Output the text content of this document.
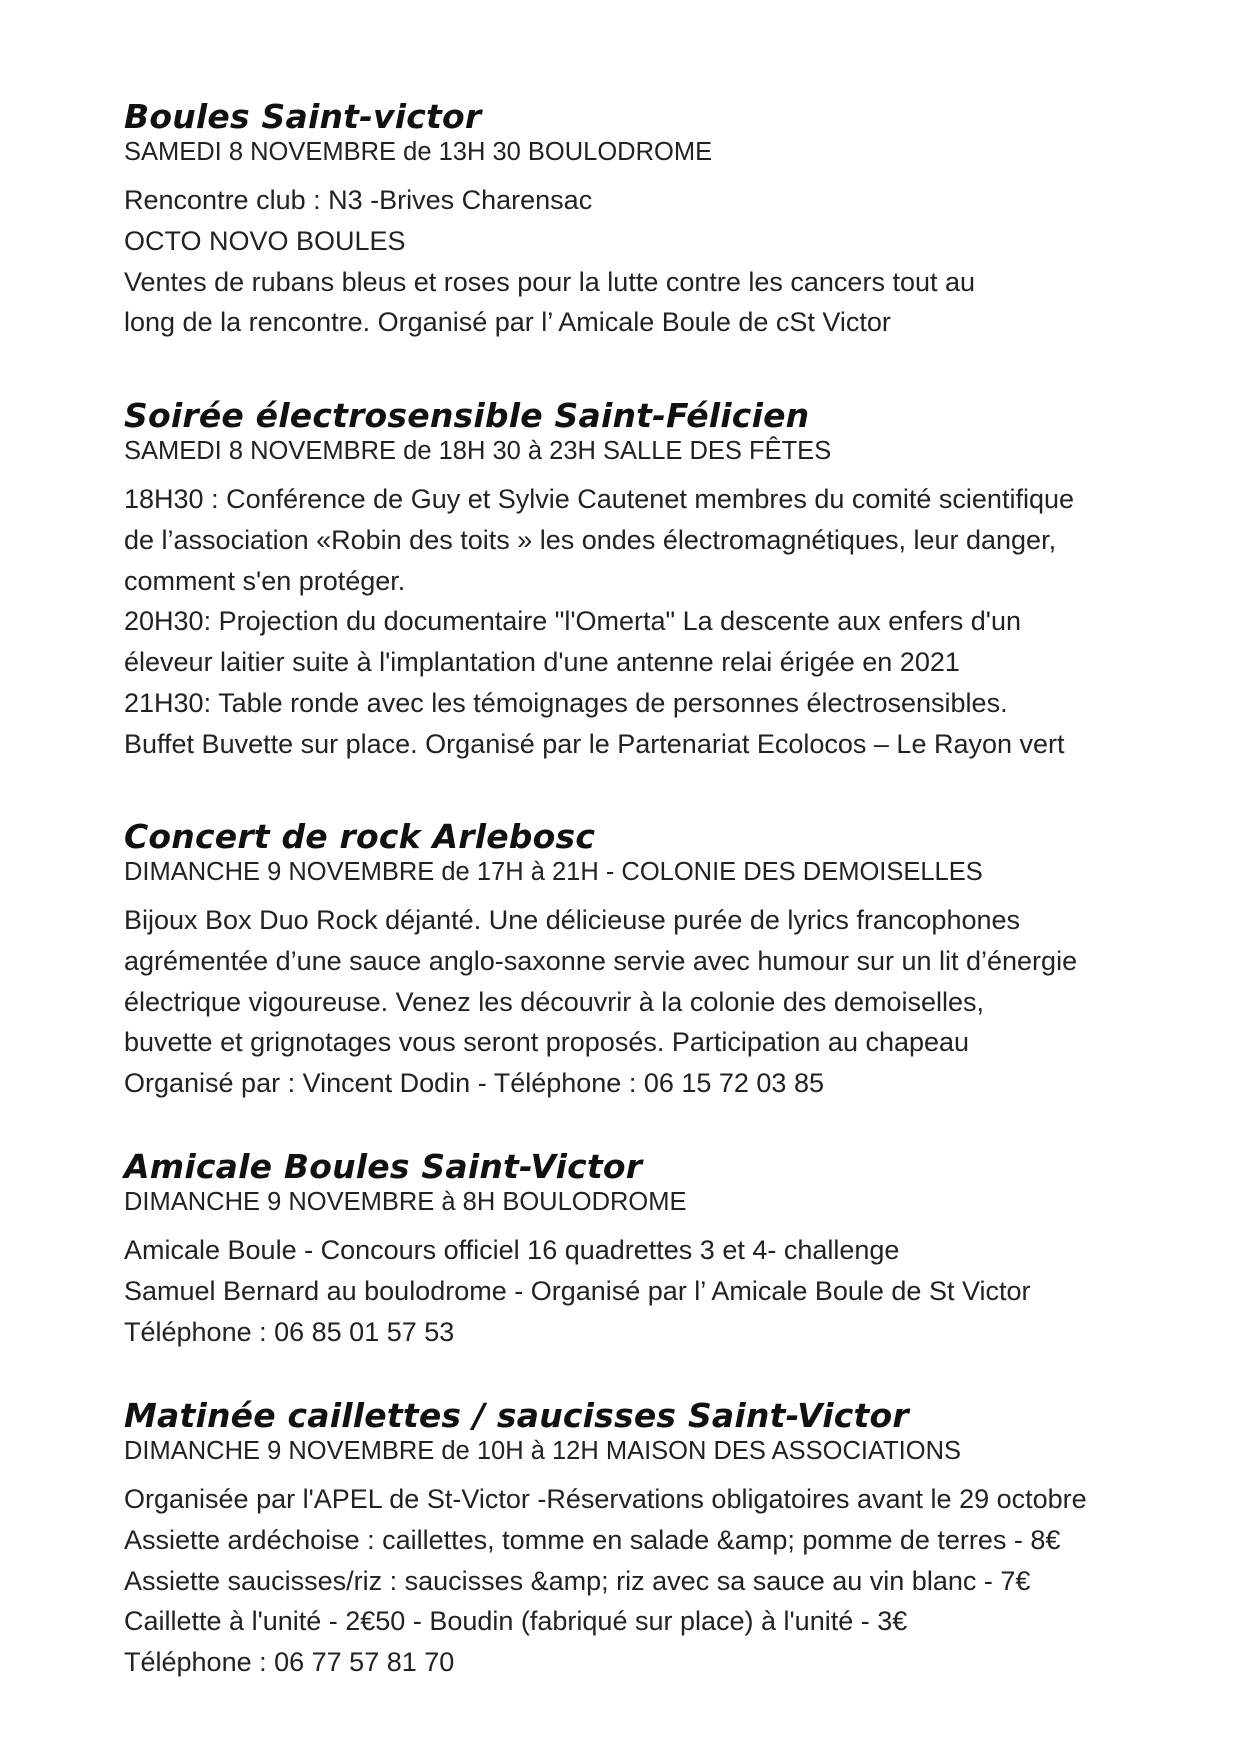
Boules Saint-victor
SAMEDI 8 NOVEMBRE de 13H 30 BOULODROME
Rencontre club : N3 -Brives Charensac
OCTO NOVO BOULES
Ventes de rubans bleus et roses pour la lutte contre les cancers tout au
long de la rencontre. Organisé par l’ Amicale Boule de cSt Victor
Soirée électrosensible Saint-Félicien
SAMEDI 8 NOVEMBRE de 18H 30 à 23H SALLE DES FÊTES
18H30 : Conférence de Guy et Sylvie Cautenet membres du comité scientifique
de l’association «Robin des toits » les ondes électromagnétiques, leur danger,
comment s'en protéger.
20H30: Projection du documentaire "l'Omerta" La descente aux enfers d'un
éleveur laitier suite à l'implantation d'une antenne relai érigée en 2021
21H30: Table ronde avec les témoignages de personnes électrosensibles.
Buffet Buvette sur place. Organisé par le Partenariat Ecolocos – Le Rayon vert
Concert de rock Arlebosc
DIMANCHE 9 NOVEMBRE de 17H à 21H - COLONIE DES DEMOISELLES
Bijoux Box Duo Rock déjanté. Une délicieuse purée de lyrics francophones
agrémentée d’une sauce anglo-saxonne servie avec humour sur un lit d’énergie
électrique vigoureuse. Venez les découvrir à la colonie des demoiselles,
buvette et grignotages vous seront proposés. Participation au chapeau
Organisé par : Vincent Dodin - Téléphone : 06 15 72 03 85
Amicale Boules Saint-Victor
DIMANCHE 9 NOVEMBRE à 8H BOULODROME
Amicale Boule - Concours officiel 16 quadrettes 3 et 4- challenge
Samuel Bernard au boulodrome - Organisé par l’ Amicale Boule de St Victor
Téléphone : 06 85 01 57 53
Matinée caillettes / saucisses Saint-Victor
DIMANCHE 9 NOVEMBRE de 10H à 12H MAISON DES ASSOCIATIONS
Organisée par l'APEL de St-Victor -Réservations obligatoires avant le 29 octobre
Assiette ardéchoise : caillettes, tomme en salade &amp; pomme de terres - 8€
Assiette saucisses/riz : saucisses &amp; riz avec sa sauce au vin blanc - 7€
Caillette à l'unité - 2€50 - Boudin (fabriqué sur place) à l'unité - 3€
Téléphone : 06 77 57 81 70
